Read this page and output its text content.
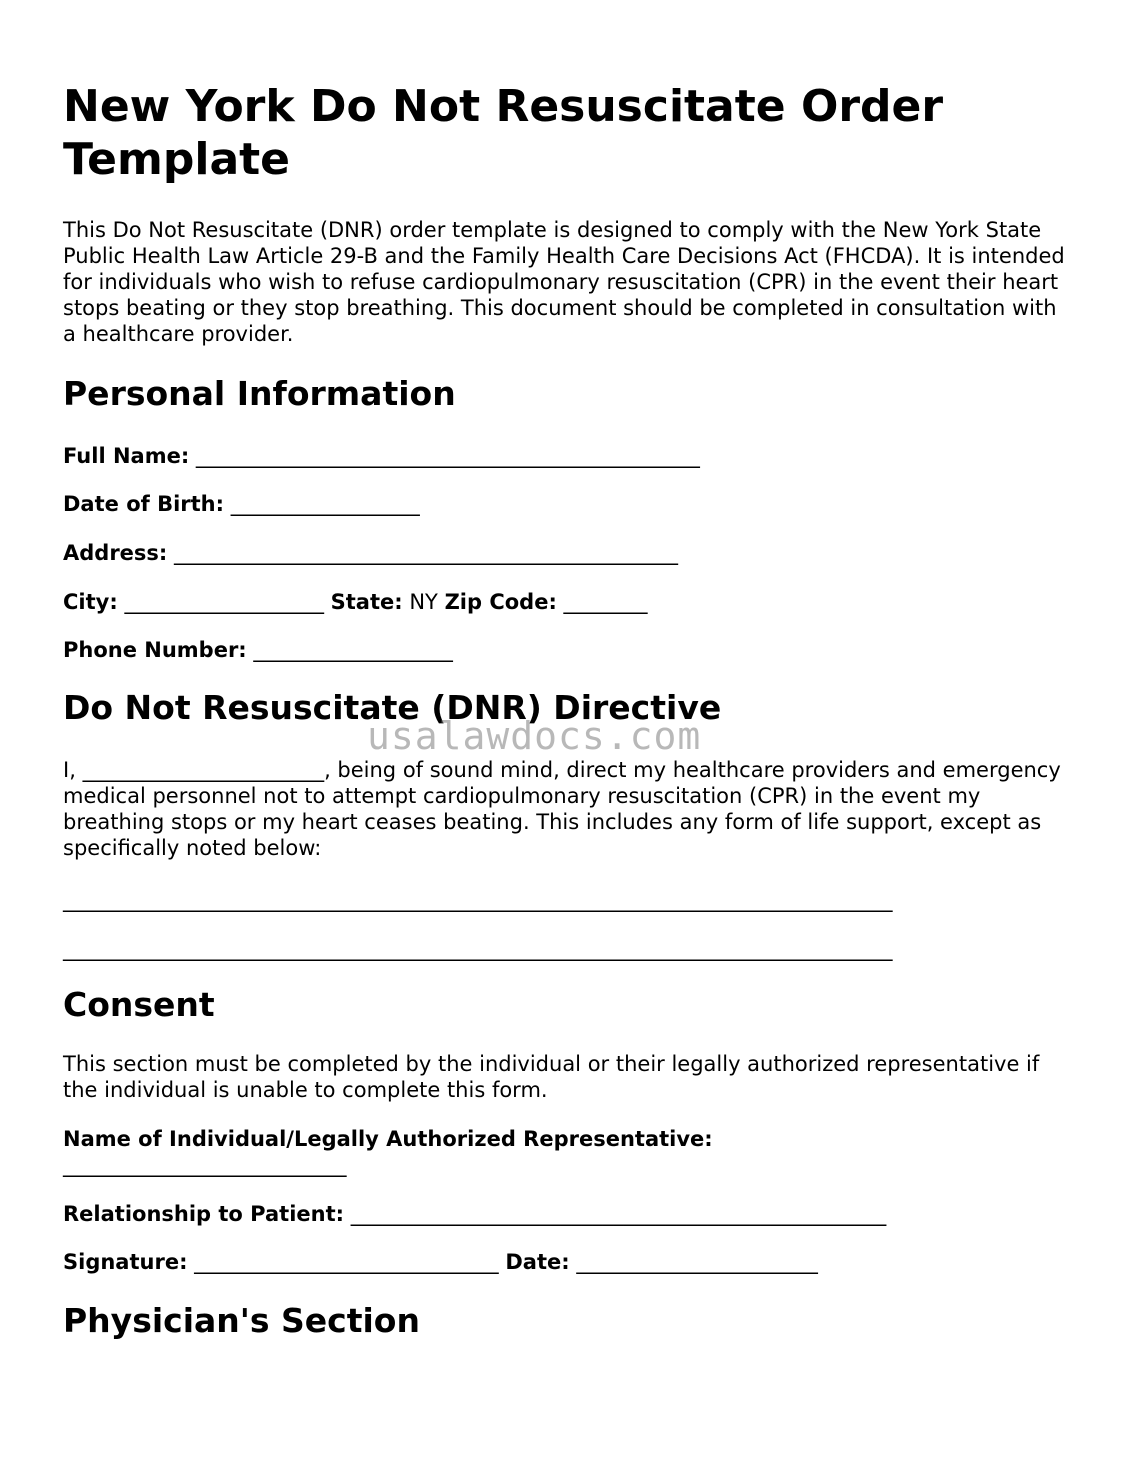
New York Do Not Resuscitate Order Template

This Do Not Resuscitate (DNR) order template is designed to comply with the New York State Public Health Law Article 29-B and the Family Health Care Decisions Act (FHCDA). It is intended for individuals who wish to refuse cardiopulmonary resuscitation (CPR) in the event their heart stops beating or they stop breathing. This document should be completed in consultation with a healthcare provider.

Personal Information
Full Name: ________________________________________________
Date of Birth: __________________
Address: ________________________________________________
City: ___________________ State: NY Zip Code: ________
Phone Number: ___________________
Do Not Resuscitate (DNR) Directive

I, _______________________, being of sound mind, direct my healthcare providers and emergency medical personnel not to attempt cardiopulmonary resuscitation (CPR) in the event my breathing stops or my heart ceases beating. This includes any form of life support, except as specifically noted below:

_______________________________________________________________________________
_______________________________________________________________________________
Consent

This section must be completed by the individual or their legally authorized representative if the individual is unable to complete this form.

Name of Individual/Legally Authorized Representative:
___________________________
Relationship to Patient: ___________________________________________________
Signature: _____________________________ Date: _______________________
Physician's Section
usalawdocs.com
